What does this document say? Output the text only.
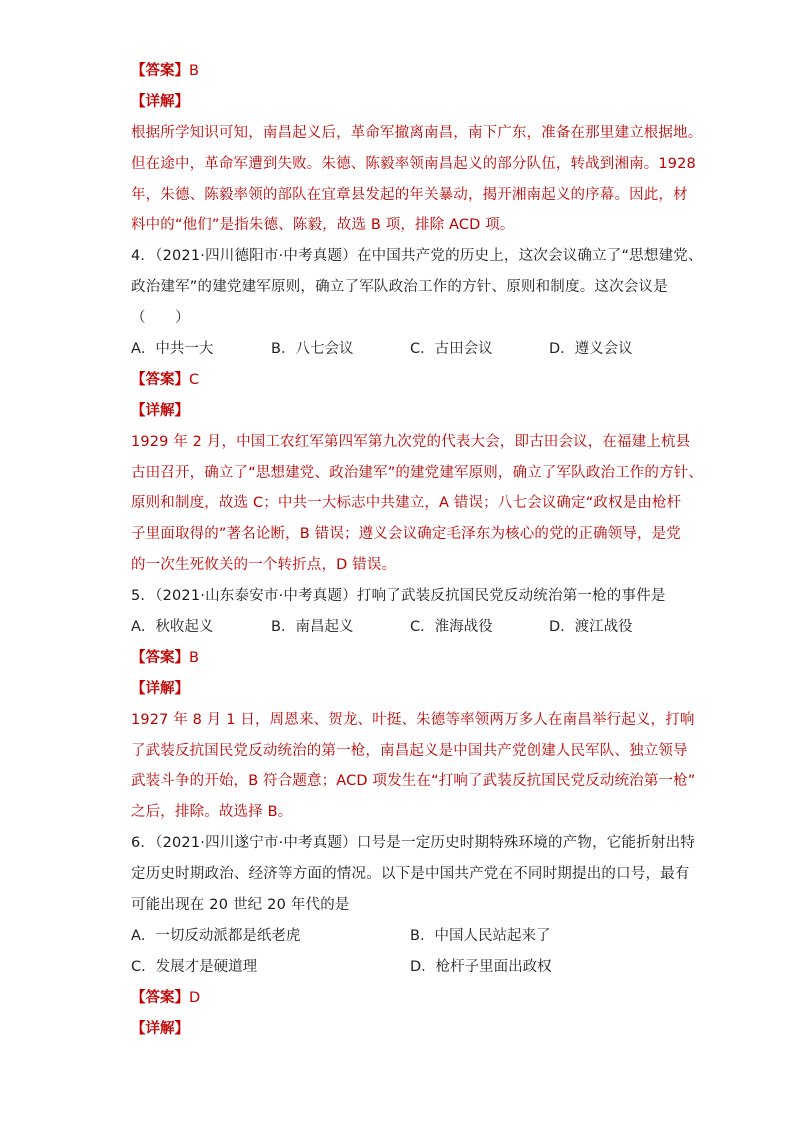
【答案】B
【详解】
根据所学知识可知，南昌起义后，革命军撤离南昌，南下广东，准备在那里建立根据地。
但在途中，革命军遭到失败。朱德、陈毅率领南昌起义的部分队伍，转战到湘南。1928
年，朱德、陈毅率领的部队在宜章县发起的年关暴动，揭开湘南起义的序幕。因此，材
料中的“他们”是指朱德、陈毅，故选 B 项，排除 ACD 项。
4．（2021·四川德阳市·中考真题）在中国共产党的历史上，这次会议确立了“思想建党、
政治建军”的建党建军原则，确立了军队政治工作的方针、原则和制度。这次会议是
（　　）
A．中共一大	B．八七会议	C．古田会议	D．遵义会议
【答案】C
【详解】
1929 年 2 月，中国工农红军第四军第九次党的代表大会，即古田会议，在福建上杭县
古田召开，确立了“思想建党、政治建军”的建党建军原则，确立了军队政治工作的方针、
原则和制度，故选 C；中共一大标志中共建立，A 错误；八七会议确定“政权是由枪杆
子里面取得的”著名论断，B 错误；遵义会议确定毛泽东为核心的党的正确领导，是党
的一次生死攸关的一个转折点，D 错误。
5．（2021·山东泰安市·中考真题）打响了武装反抗国民党反动统治第一枪的事件是
A．秋收起义	B．南昌起义	C．淮海战役	D．渡江战役
【答案】B
【详解】
1927 年 8 月 1 日，周恩来、贺龙、叶挺、朱德等率领两万多人在南昌举行起义，打响
了武装反抗国民党反动统治的第一枪，南昌起义是中国共产党创建人民军队、独立领导
武装斗争的开始，B 符合题意；ACD 项发生在“打响了武装反抗国民党反动统治第一枪”
之后，排除。故选择 B。
6．（2021·四川遂宁市·中考真题）口号是一定历史时期特殊环境的产物，它能折射出特
定历史时期政治、经济等方面的情况。以下是中国共产党在不同时期提出的口号，最有
可能出现在 20 世纪 20 年代的是
A．一切反动派都是纸老虎	B．中国人民站起来了
C．发展才是硬道理	D．枪杆子里面出政权
【答案】D
【详解】
